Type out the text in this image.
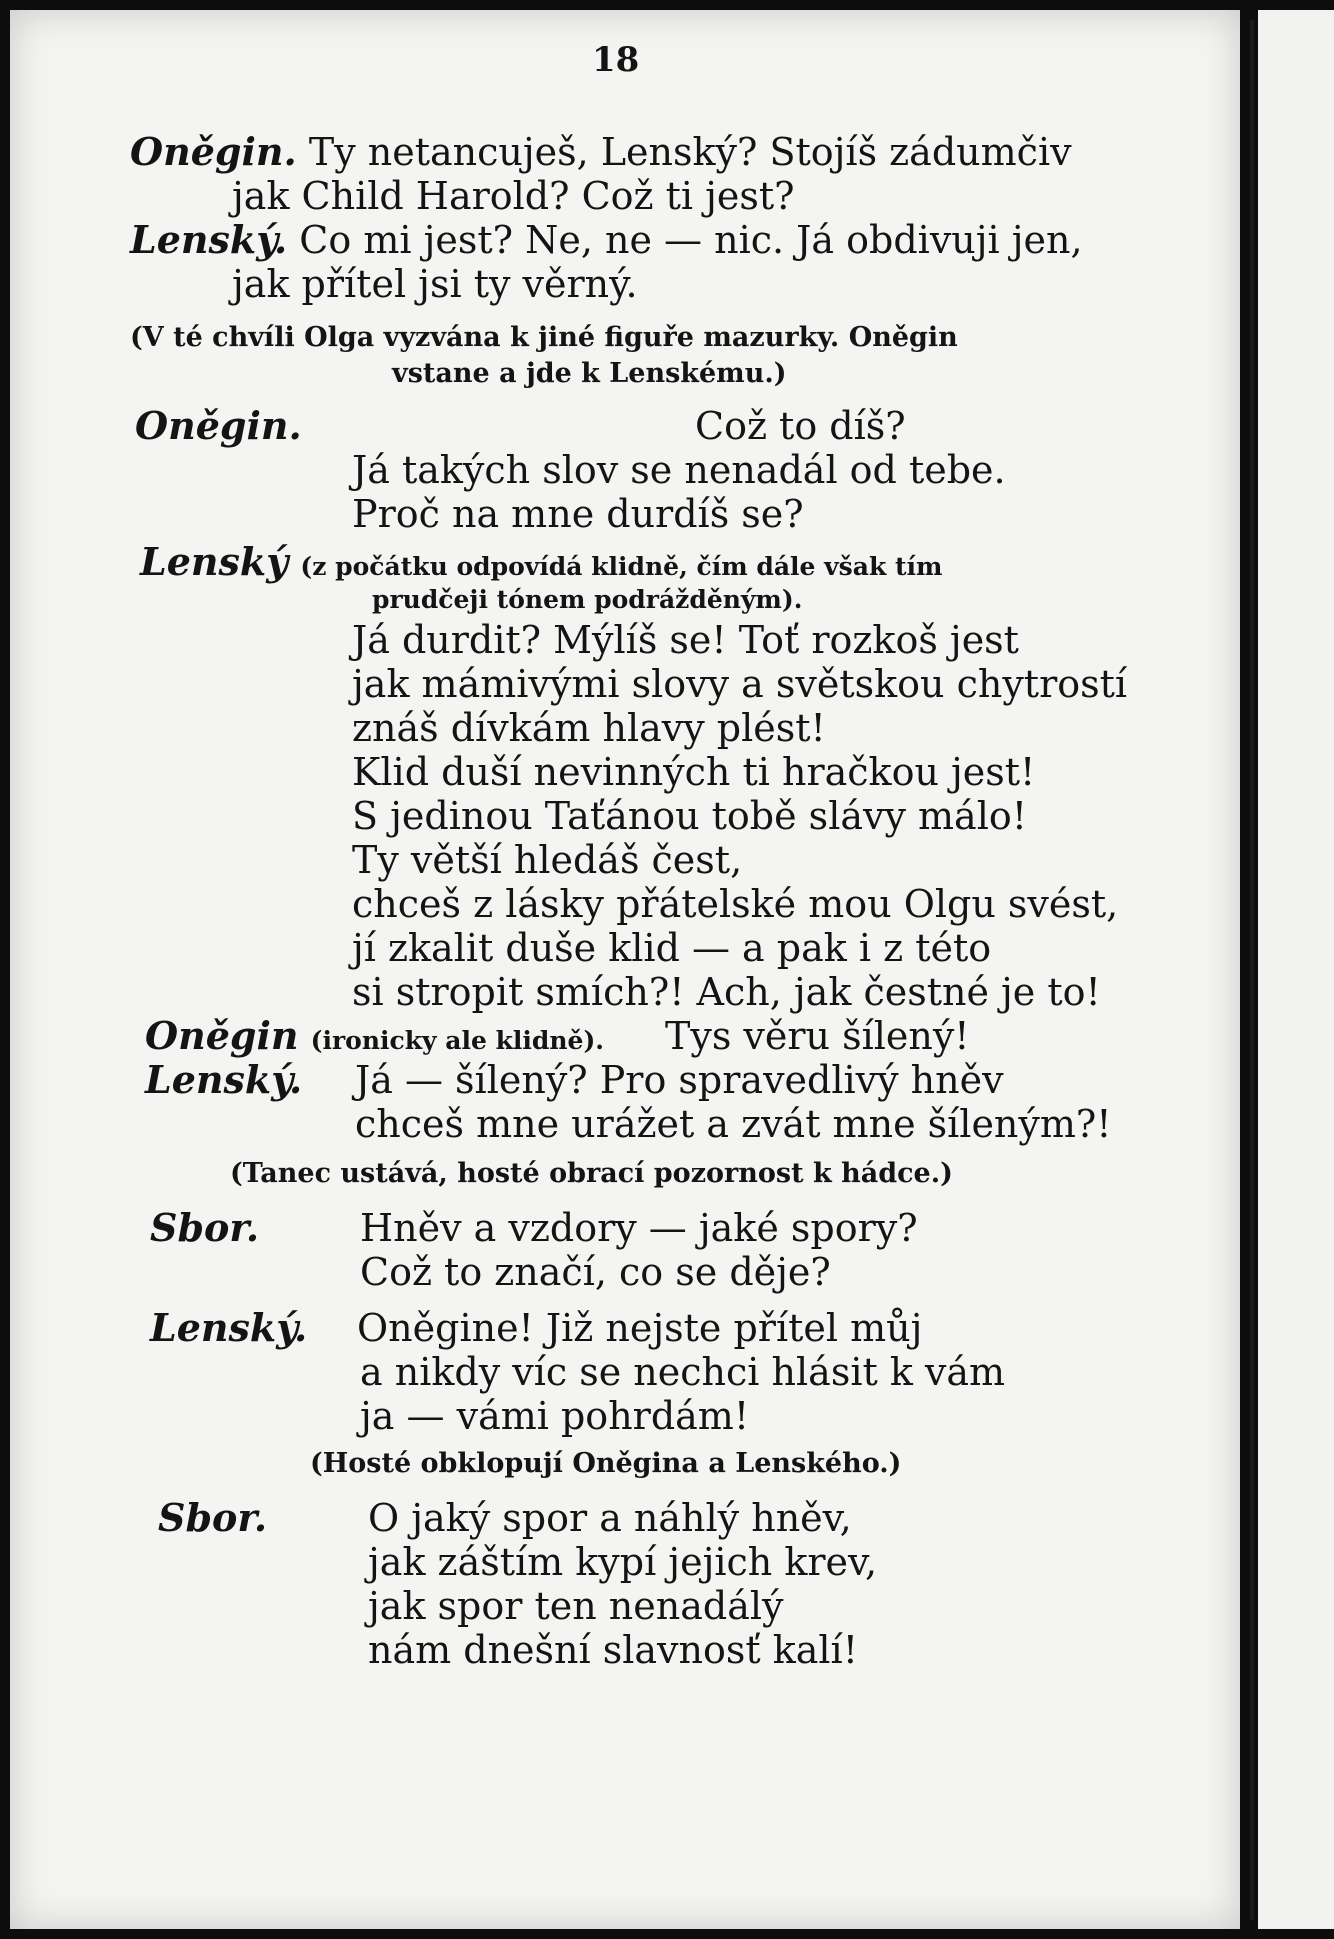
18
Oněgin. Ty netancuješ, Lenský? Stojíš zádumčiv
jak Child Harold? Což ti jest?
Lenský. Co mi jest? Ne, ne — nic. Já obdivuji jen,
jak přítel jsi ty věrný.
(V té chvíli Olga vyzvána k jiné figuře mazurky. Oněgin
vstane a jde k Lenskému.)
Oněgin.	Což to díš?
Já takých slov se nenadál od tebe.
Proč na mne durdíš se?
Lenský (z počátku odpovídá klidně, čím dále však tím
prudčeji tónem podrážděným).
Já durdit? Mýlíš se! Toť rozkoš jest
jak mámivými slovy a světskou chytrostí
znáš dívkám hlavy plést!
Klid duší nevinných ti hračkou jest!
S jedinou Taťánou tobě slávy málo!
Ty větší hledáš čest,
chceš z lásky přátelské mou Olgu svést,
jí zkalit duše klid — a pak i z této
si stropit smích?! Ach, jak čestné je to!
Oněgin (ironicky ale klidně). Tys věru šílený!
Lenský. Já — šílený? Pro spravedlivý hněv
chceš mne urážet a zvát mne šíleným?!
(Tanec ustává, hosté obrací pozornost k hádce.)
Sbor.	Hněv a vzdory — jaké spory?
Což to značí, co se děje?
Lenský. Oněgine! Již nejste přítel můj
a nikdy víc se nechci hlásit k vám
ja — vámi pohrdám!
(Hosté obklopují Oněgina a Lenského.)
Sbor.	O jaký spor a náhlý hněv,
jak záštím kypí jejich krev,
jak spor ten nenadálý
nám dnešní slavnosť kalí!
